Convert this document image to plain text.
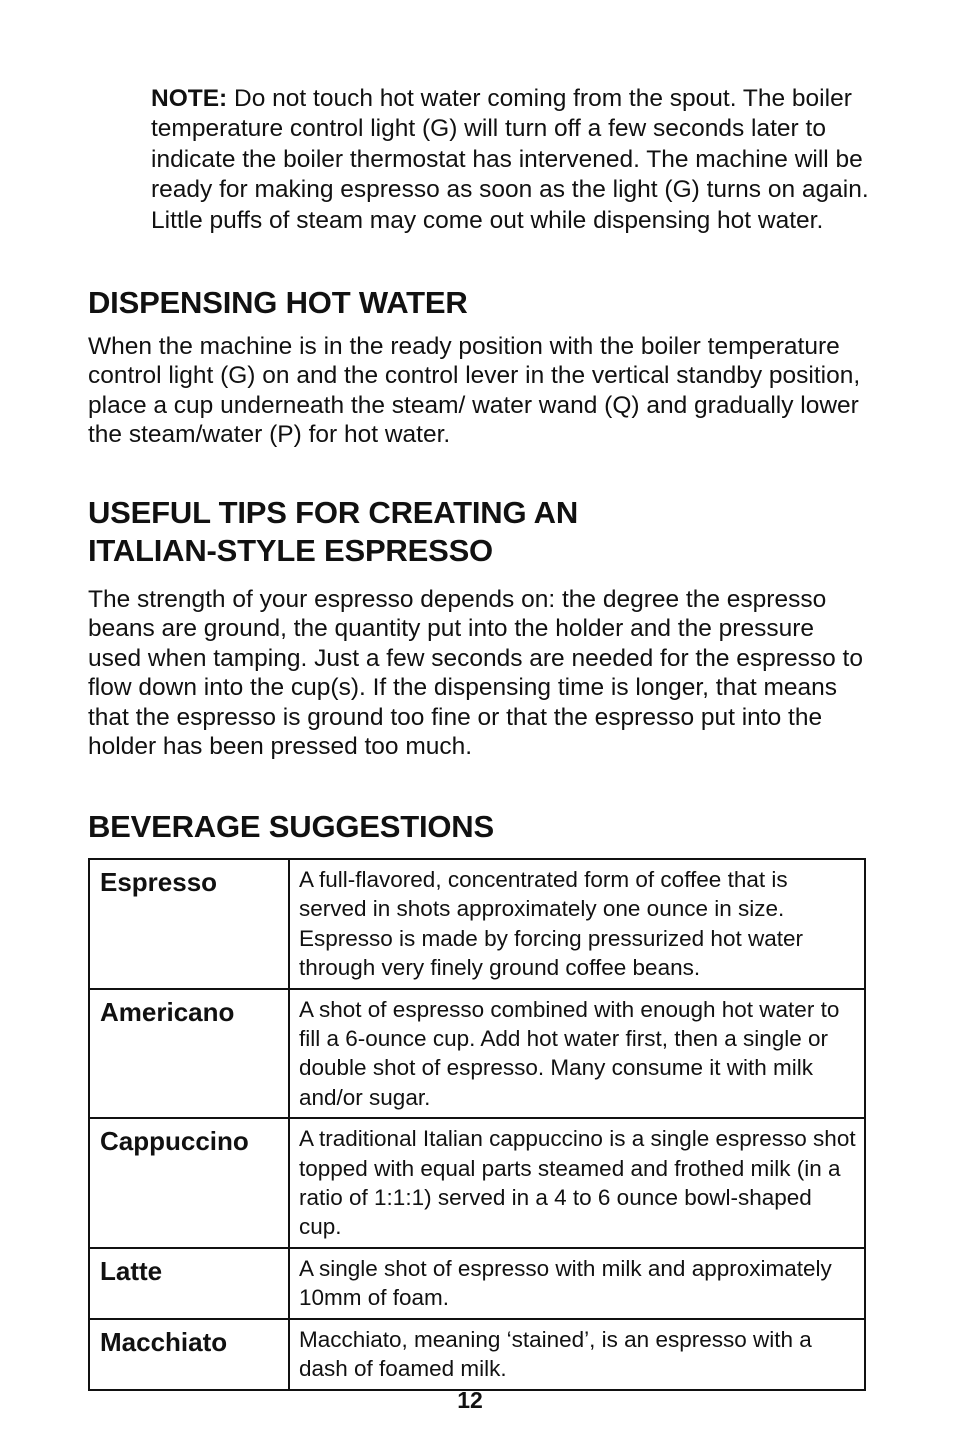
NOTE: Do not touch hot water coming from the spout. The boiler temperature control light (G) will turn off a few seconds later to indicate the boiler thermostat has intervened. The machine will be ready for making espresso as soon as the light (G) turns on again. Little puffs of steam may come out while dispensing hot water.
DISPENSING HOT WATER

When the machine is in the ready position with the boiler temperature control light (G) on and the control lever in the vertical standby position, place a cup underneath the steam/ water wand (Q) and gradually lower the steam/water (P) for hot water.

USEFUL TIPS FOR CREATING AN ITALIAN-STYLE ESPRESSO

The strength of your espresso depends on: the degree the espresso beans are ground, the quantity put into the holder and the pressure used when tamping. Just a few seconds are needed for the espresso to flow down into the cup(s). If the dispensing time is longer, that means that the espresso is ground too fine or that the espresso put into the holder has been pressed too much.

BEVERAGE SUGGESTIONS
Espresso	A full-flavored, concentrated form of coffee that is served in shots approximately one ounce in size. Espresso is made by forcing pressurized hot water through very finely ground coffee beans.
Americano	A shot of espresso combined with enough hot water to fill a 6-ounce cup. Add hot water first, then a single or double shot of espresso. Many consume it with milk and/or sugar.
Cappuccino	A traditional Italian cappuccino is a single espresso shot topped with equal parts steamed and frothed milk (in a ratio of 1:1:1) served in a 4 to 6 ounce bowl-shaped cup.
Latte	A single shot of espresso with milk and approximately 10mm of foam.
Macchiato	Macchiato, meaning ‘stained’, is an espresso with a dash of foamed milk.
12
